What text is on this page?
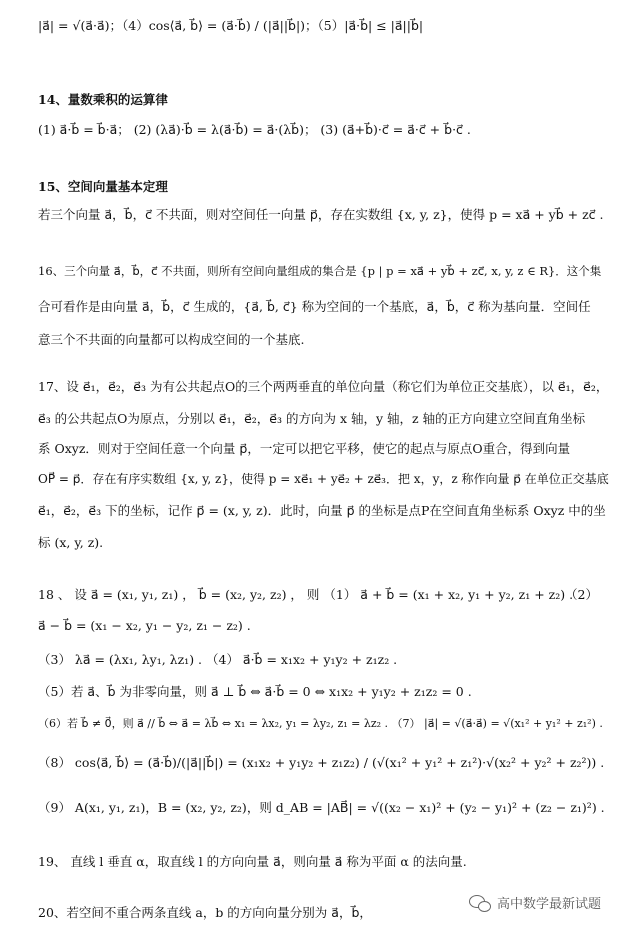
|a⃗| = √(a⃗·a⃗)；（4）cos⟨a⃗, b⃗⟩ = (a⃗·b⃗) / (|a⃗||b⃗|)；（5）|a⃗·b⃗| ≤ |a⃗||b⃗|
14、量数乘积的运算律
(1) a⃗·b⃗ = b⃗·a⃗； (2) (λa⃗)·b⃗ = λ(a⃗·b⃗) = a⃗·(λb⃗)； (3) (a⃗+b⃗)·c⃗ = a⃗·c⃗ + b⃗·c⃗ .
15、空间向量基本定理
若三个向量 a⃗，b⃗，c⃗ 不共面，则对空间任一向量 p⃗，存在实数组 {x, y, z}，使得 p = xa⃗ + yb⃗ + zc⃗ .
16、三个向量 a⃗，b⃗，c⃗ 不共面，则所有空间向量组成的集合是 {p | p = xa⃗ + yb⃗ + zc⃗, x, y, z ∈ R}．这个集
合可看作是由向量 a⃗，b⃗，c⃗ 生成的，{a⃗, b⃗, c⃗} 称为空间的一个基底，a⃗，b⃗，c⃗ 称为基向量．空间任
意三个不共面的向量都可以构成空间的一个基底.
17、设 e⃗₁，e⃗₂，e⃗₃ 为有公共起点O的三个两两垂直的单位向量（称它们为单位正交基底），以 e⃗₁，e⃗₂，
e⃗₃ 的公共起点O为原点，分别以 e⃗₁，e⃗₂，e⃗₃ 的方向为 x 轴，y 轴，z 轴的正方向建立空间直角坐标
系 Oxyz．则对于空间任意一个向量 p⃗，一定可以把它平移，使它的起点与原点O重合，得到向量
OP⃗ = p⃗．存在有序实数组 {x, y, z}，使得 p = xe⃗₁ + ye⃗₂ + ze⃗₃．把 x，y，z 称作向量 p⃗ 在单位正交基底
e⃗₁，e⃗₂，e⃗₃ 下的坐标，记作 p⃗ = (x, y, z)．此时，向量 p⃗ 的坐标是点P在空间直角坐标系 Oxyz 中的坐
标 (x, y, z).
18 、 设 a⃗ = (x₁, y₁, z₁) ， b⃗ = (x₂, y₂, z₂) ， 则 （1） a⃗ + b⃗ = (x₁ + x₂, y₁ + y₂, z₁ + z₂) .
a⃗ − b⃗ = (x₁ − x₂, y₁ − y₂, z₁ − z₂) .
（3） λa⃗ = (λx₁, λy₁, λz₁) . （4） a⃗·b⃗ = x₁x₂ + y₁y₂ + z₁z₂ .
（5）若 a⃗、b⃗ 为非零向量，则 a⃗ ⊥ b⃗ ⇔ a⃗·b⃗ = 0 ⇔ x₁x₂ + y₁y₂ + z₁z₂ = 0 .
（6）若 b⃗ ≠ 0⃗，则 a⃗ // b⃗ ⇔ a⃗ = λb⃗ ⇔ x₁ = λx₂, y₁ = λy₂, z₁ = λz₂ . （7） |a⃗| = √(a⃗·a⃗) = √(x₁² + y₁² + z₁²) .
（8） cos⟨a⃗, b⃗⟩ = (a⃗·b⃗)/(|a⃗||b⃗|) = (x₁x₂ + y₁y₂ + z₁z₂) / (√(x₁² + y₁² + z₁²)·√(x₂² + y₂² + z₂²)) .
（9） A(x₁, y₁, z₁)，B = (x₂, y₂, z₂)，则 d_AB = |AB⃗| = √((x₂ − x₁)² + (y₂ − y₁)² + (z₂ − z₁)²) .
19、 直线 l 垂直 α，取直线 l 的方向向量 a⃗，则向量 a⃗ 称为平面 α 的法向量.
20、若空间不重合两条直线 a，b 的方向向量分别为 a⃗，b⃗，
（2）
高中数学最新试题
